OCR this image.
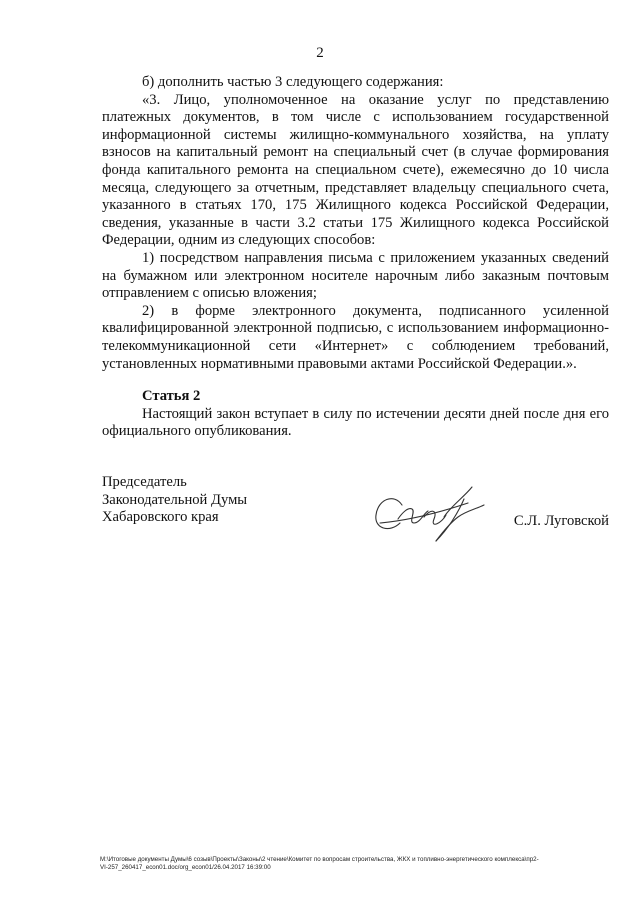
2

б) дополнить частью 3 следующего содержания:

«3. Лицо, уполномоченное на оказание услуг по представлению платежных документов, в том числе с использованием государственной информационной системы жилищно-коммунального хозяйства, на уплату взносов на капитальный ремонт на специальный счет (в случае формирования фонда капитального ремонта на специальном счете), ежемесячно до 10 числа месяца, следующего за отчетным, представляет владельцу специального счета, указанного в статьях 170, 175 Жилищного кодекса Российской Федерации, сведения, указанные в части 3.2 статьи 175 Жилищного кодекса Российской Федерации, одним из следующих способов:

1) посредством направления письма с приложением указанных сведений на бумажном или электронном носителе нарочным либо заказным почтовым отправлением с описью вложения;

2) в форме электронного документа, подписанного усиленной квалифицированной электронной подписью, с использованием информационно-телекоммуникационной сети «Интернет» с соблюдением требований, установленных нормативными правовыми актами Российской Федерации.».

Статья 2

Настоящий закон вступает в силу по истечении десяти дней после дня его официального опубликования.

Председатель
Законодательной Думы
Хабаровского края	С.Л. Луговской
M:\Итоговые документы Думы\6 созыв\Проекты\Законы\2 чтение\Комитет по вопросам строительства, ЖКХ и топливно-энергетического комплекса\пр2-
VI-257_260417_econ01.doc/org_econ01/26.04.2017 16:39:00
